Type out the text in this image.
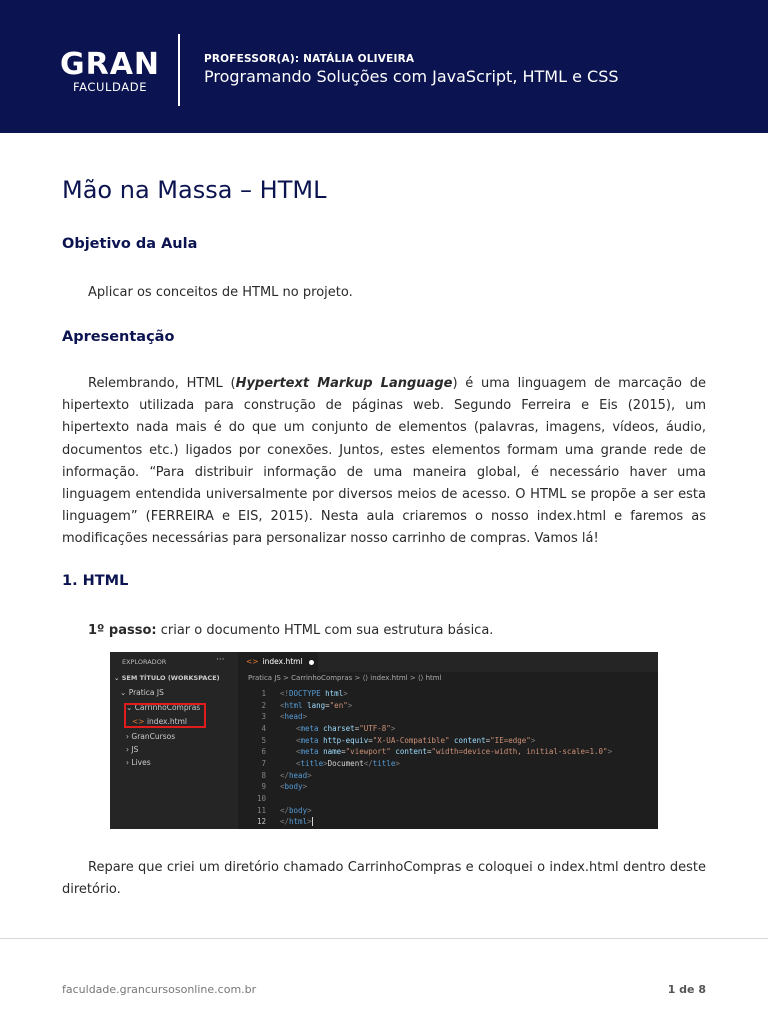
GRAN
FACULDADE
PROFESSOR(A): NATÁLIA OLIVEIRA
Programando Soluções com JavaScript, HTML e CSS
Mão na Massa – HTML
Objetivo da Aula
Aplicar os conceitos de HTML no projeto.
Apresentação
Relembrando, HTML (Hypertext Markup Language) é uma linguagem de marcação de hipertexto utilizada para construção de páginas web. Segundo Ferreira e Eis (2015), um hipertexto nada mais é do que um conjunto de elementos (palavras, imagens, vídeos, áudio, documentos etc.) ligados por conexões. Juntos, estes elementos formam uma grande rede de informação. “Para distribuir informação de uma maneira global, é necessário haver uma linguagem entendida universalmente por diversos meios de acesso. O HTML se propõe a ser esta linguagem” (FERREIRA e EIS, 2015). Nesta aula criaremos o nosso index.html e faremos as modificações necessárias para personalizar nosso carrinho de compras. Vamos lá!
1. HTML
1º passo: criar o documento HTML com sua estrutura básica.
EXPLORADOR	···
⌄ SEM TÍTULO (WORKSPACE)
⌄ Pratica JS
⌄ CarrinhoCompras
<> index.html
› GranCursos
› JS
› Lives
<> index.html
Pratica JS > CarrinhoCompras > ⟨⟩ index.html > ⟨⟩ html
1
2
3
4
5
6
7
8
9
10
11
12
<!DOCTYPE html>
<html lang="en">
<head>
<meta charset="UTF-8">
<meta http-equiv="X-UA-Compatible" content="IE=edge">
<meta name="viewport" content="width=device-width, initial-scale=1.0">
<title>Document</title>
</head>
<body>
</body>
</html>
Repare que criei um diretório chamado CarrinhoCompras e coloquei o index.html dentro deste diretório.
faculdade.grancursosonline.com.br	1 de 8
